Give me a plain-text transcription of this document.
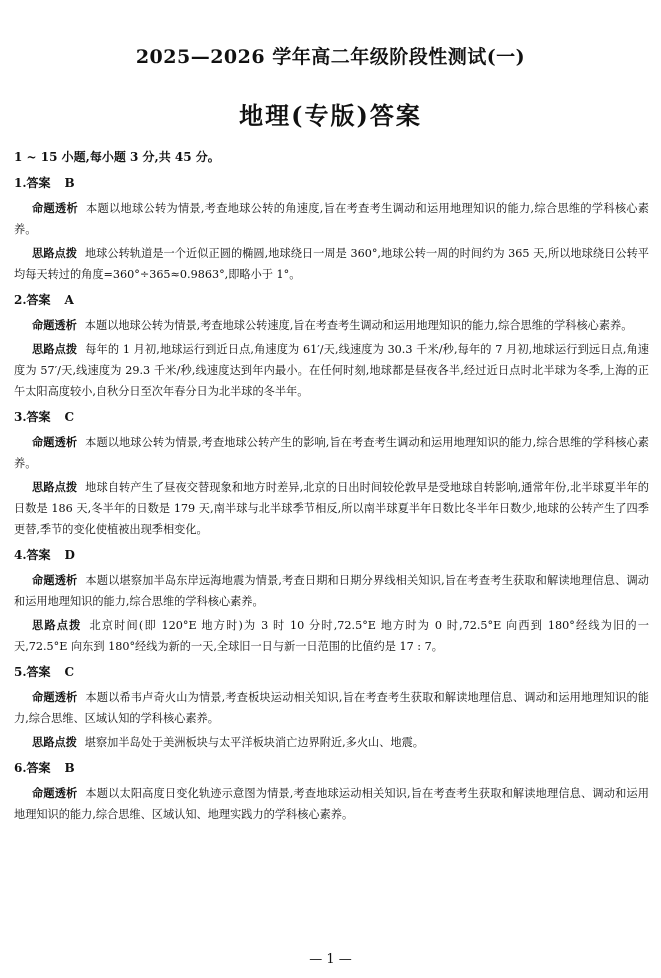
2025—2026 学年高二年级阶段性测试(一)
地理(专版)答案
1 ~ 15 小题,每小题 3 分,共 45 分。
1.答案 B
命题透析 本题以地球公转为情景,考查地球公转的角速度,旨在考查考生调动和运用地理知识的能力,综合思维的学科核心素养。
思路点拨 地球公转轨道是一个近似正圆的椭圆,地球绕日一周是 360°,地球公转一周的时间约为 365 天,所以地球绕日公转平均每天转过的角度=360°÷365≈0.9863°,即略小于 1°。
2.答案 A
命题透析 本题以地球公转为情景,考查地球公转速度,旨在考查考生调动和运用地理知识的能力,综合思维的学科核心素养。
思路点拨 每年的 1 月初,地球运行到近日点,角速度为 61′/天,线速度为 30.3 千米/秒,每年的 7 月初,地球运行到远日点,角速度为 57′/天,线速度为 29.3 千米/秒,线速度达到年内最小。在任何时刻,地球都是昼夜各半,经过近日点时北半球为冬季,上海的正午太阳高度较小,自秋分日至次年春分日为北半球的冬半年。
3.答案 C
命题透析 本题以地球公转为情景,考查地球公转产生的影响,旨在考查考生调动和运用地理知识的能力,综合思维的学科核心素养。
思路点拨 地球自转产生了昼夜交替现象和地方时差异,北京的日出时间较伦敦早是受地球自转影响,通常年份,北半球夏半年的日数是 186 天,冬半年的日数是 179 天,南半球与北半球季节相反,所以南半球夏半年日数比冬半年日数少,地球的公转产生了四季更替,季节的变化使植被出现季相变化。
4.答案 D
命题透析 本题以堪察加半岛东岸远海地震为情景,考查日期和日期分界线相关知识,旨在考查考生获取和解读地理信息、调动和运用地理知识的能力,综合思维的学科核心素养。
思路点拨 北京时间(即 120°E 地方时)为 3 时 10 分时,72.5°E 地方时为 0 时,72.5°E 向西到 180°经线为旧的一天,72.5°E 向东到 180°经线为新的一天,全球旧一日与新一日范围的比值约是 17 : 7。
5.答案 C
命题透析 本题以希韦卢奇火山为情景,考查板块运动相关知识,旨在考查考生获取和解读地理信息、调动和运用地理知识的能力,综合思维、区域认知的学科核心素养。
思路点拨 堪察加半岛处于美洲板块与太平洋板块消亡边界附近,多火山、地震。
6.答案 B
命题透析 本题以太阳高度日变化轨迹示意图为情景,考查地球运动相关知识,旨在考查考生获取和解读地理信息、调动和运用地理知识的能力,综合思维、区域认知、地理实践力的学科核心素养。
— 1 —
